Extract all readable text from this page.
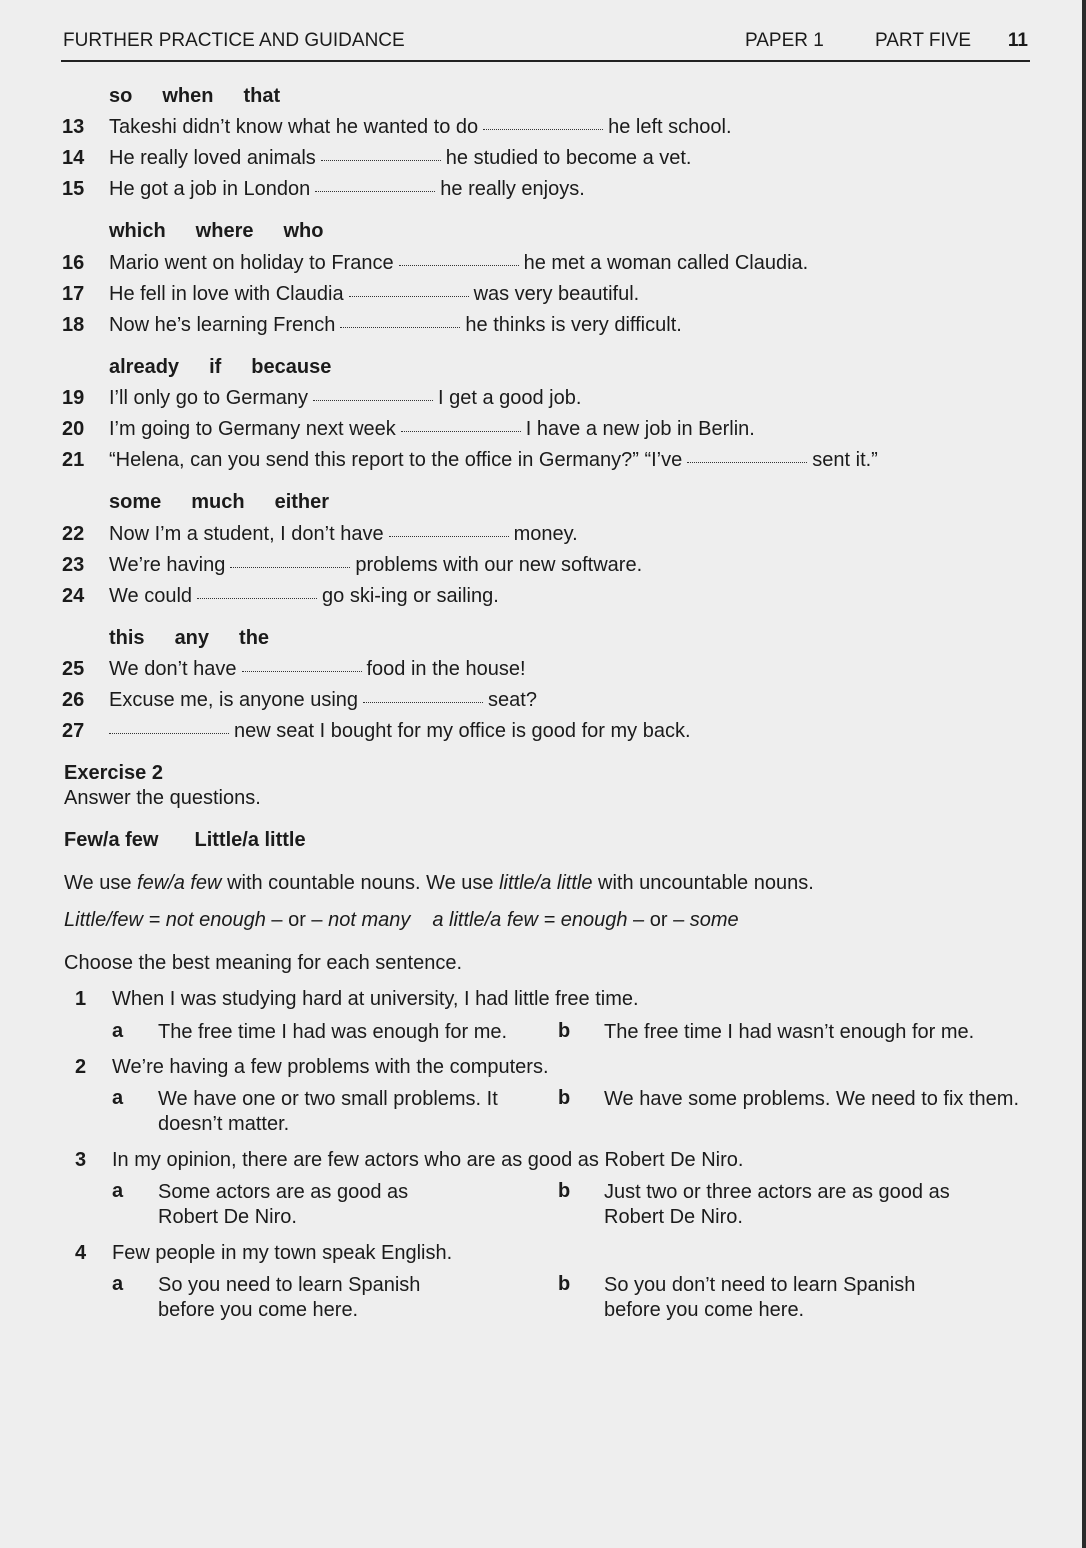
FURTHER PRACTICE AND GUIDANCE	PAPER 1	PART FIVE 11
so when that
13 Takeshi didn’t know what he wanted to do	he left school.
14 He really loved animals	he studied to become a vet.
15 He got a job in London	he really enjoys.
which where who
16 Mario went on holiday to France	he met a woman called Claudia.
17 He fell in love with Claudia	was very beautiful.
18 Now he’s learning French	he thinks is very difficult.
already if because
19 I’ll only go to Germany	I get a good job.
20 I’m going to Germany next week	I have a new job in Berlin.
21 “Helena, can you send this report to the office in Germany?” “I’ve	sent it.”
some much either
22 Now I’m a student, I don’t have	money.
23 We’re having	problems with our new software.
24 We could	go ski-ing or sailing.
this any the
25 We don’t have	food in the house!
26 Excuse me, is anyone using	seat?
27	new seat I bought for my office is good for my back.
Exercise 2
Answer the questions.
Few/a few Little/a little
We use few/a few with countable nouns. We use little/a little with uncountable nouns.
Little/few = not enough – or – not many a little/a few = enough – or – some
Choose the best meaning for each sentence.
1 When I was studying hard at university, I had little free time.
a The free time I had was enough for me.	b The free time I had wasn’t enough for me.
2 We’re having a few problems with the computers.
a We have one or two small problems. It doesn’t matter.
b We have some problems. We need to fix them.
3 In my opinion, there are few actors who are as good as Robert De Niro.
a Some actors are as good as Robert De Niro.
b Just two or three actors are as good as Robert De Niro.
4 Few people in my town speak English.
a So you need to learn Spanish before you come here.
b So you don’t need to learn Spanish before you come here.
